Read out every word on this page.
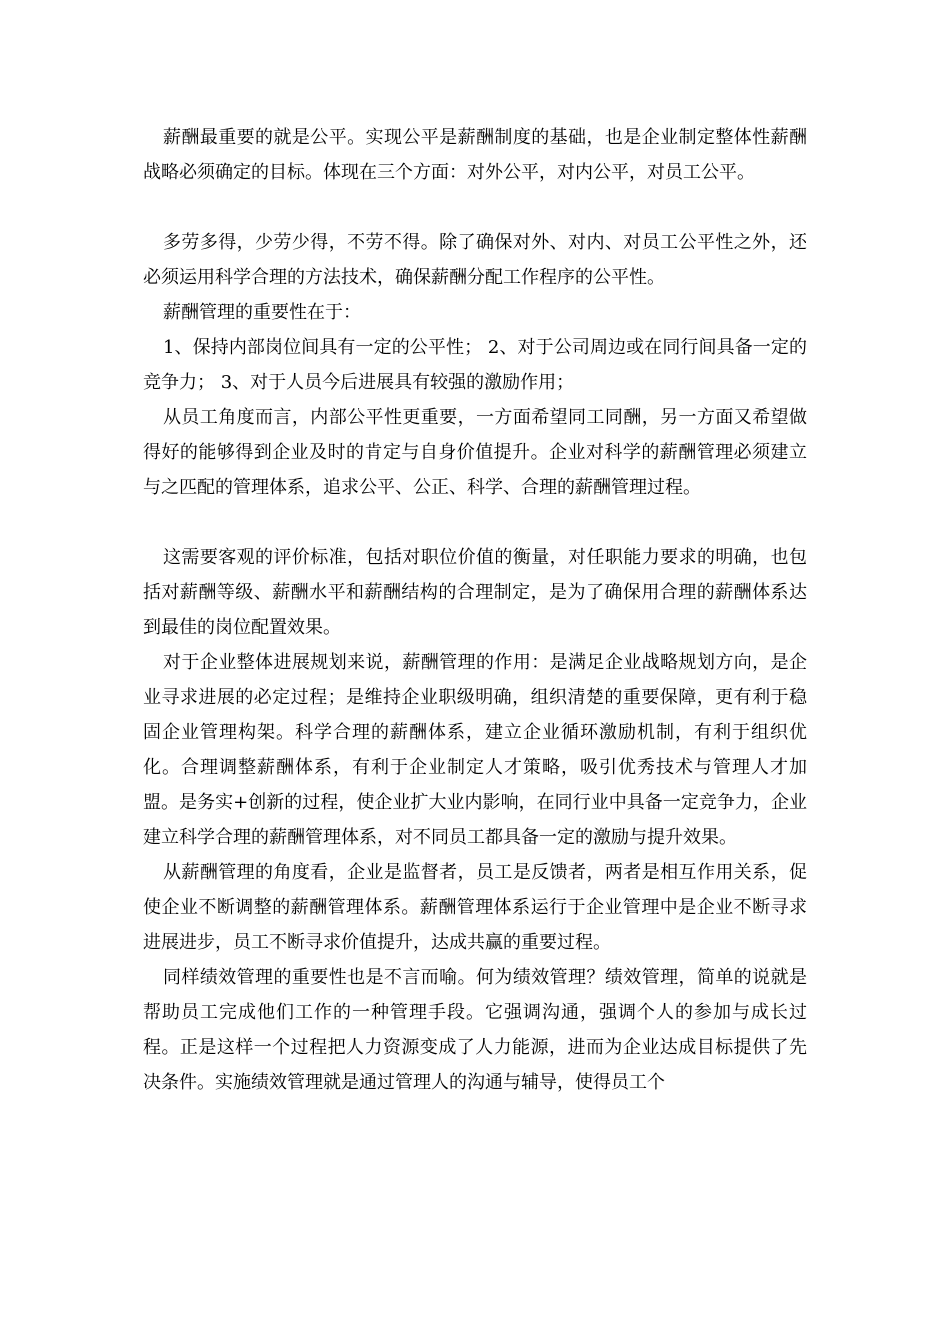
薪酬最重要的就是公平。实现公平是薪酬制度的基础，也是企业制定整体性薪酬战略必须确定的目标。体现在三个方面：对外公平，对内公平，对员工公平。

多劳多得，少劳少得，不劳不得。除了确保对外、对内、对员工公平性之外，还必须运用科学合理的方法技术，确保薪酬分配工作程序的公平性。

薪酬管理的重要性在于：

1、保持内部岗位间具有一定的公平性； 2、对于公司周边或在同行间具备一定的竞争力； 3、对于人员今后进展具有较强的激励作用；

从员工角度而言，内部公平性更重要，一方面希望同工同酬，另一方面又希望做得好的能够得到企业及时的肯定与自身价值提升。企业对科学的薪酬管理必须建立与之匹配的管理体系，追求公平、公正、科学、合理的薪酬管理过程。

这需要客观的评价标准，包括对职位价值的衡量，对任职能力要求的明确，也包括对薪酬等级、薪酬水平和薪酬结构的合理制定，是为了确保用合理的薪酬体系达到最佳的岗位配置效果。

对于企业整体进展规划来说，薪酬管理的作用：是满足企业战略规划方向，是企业寻求进展的必定过程；是维持企业职级明确，组织清楚的重要保障，更有利于稳固企业管理构架。科学合理的薪酬体系，建立企业循环激励机制，有利于组织优化。合理调整薪酬体系，有利于企业制定人才策略，吸引优秀技术与管理人才加盟。是务实+创新的过程，使企业扩大业内影响，在同行业中具备一定竞争力，企业建立科学合理的薪酬管理体系，对不同员工都具备一定的激励与提升效果。

从薪酬管理的角度看，企业是监督者，员工是反馈者，两者是相互作用关系，促使企业不断调整的薪酬管理体系。薪酬管理体系运行于企业管理中是企业不断寻求进展进步，员工不断寻求价值提升，达成共赢的重要过程。

同样绩效管理的重要性也是不言而喻。何为绩效管理？绩效管理，简单的说就是 帮助员工完成他们工作的一种管理手段。它强调沟通，强调个人的参加与成长过程。正是这样一个过程把人力资源变成了人力能源，进而为企业达成目标提供了先决条件。实施绩效管理就是通过管理人的沟通与辅导，使得员工个
